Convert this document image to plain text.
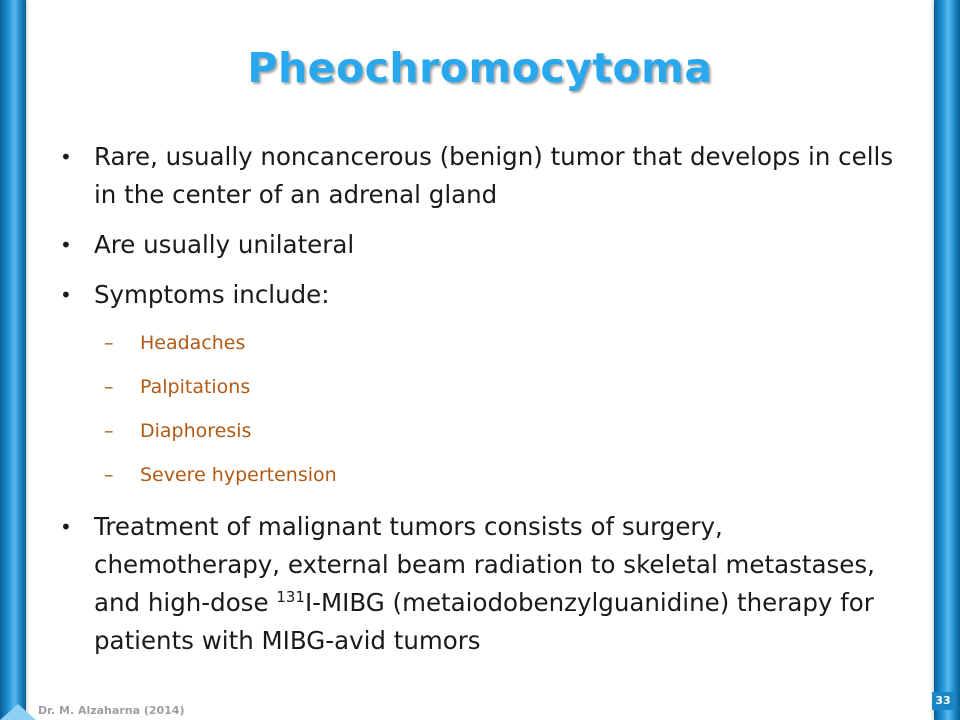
Pheochromocytoma
• Rare, usually noncancerous (benign) tumor that develops in cells in the center of an adrenal gland
• Are usually unilateral
• Symptoms include:
– Headaches
– Palpitations
– Diaphoresis
– Severe hypertension
• Treatment of malignant tumors consists of surgery, chemotherapy, external beam radiation to skeletal metastases, and high-dose $^{131}$I-MIBG (metaiodobenzylguanidine) therapy for patients with MIBG-avid tumors
Dr. M. Alzaharna (2014)
33
